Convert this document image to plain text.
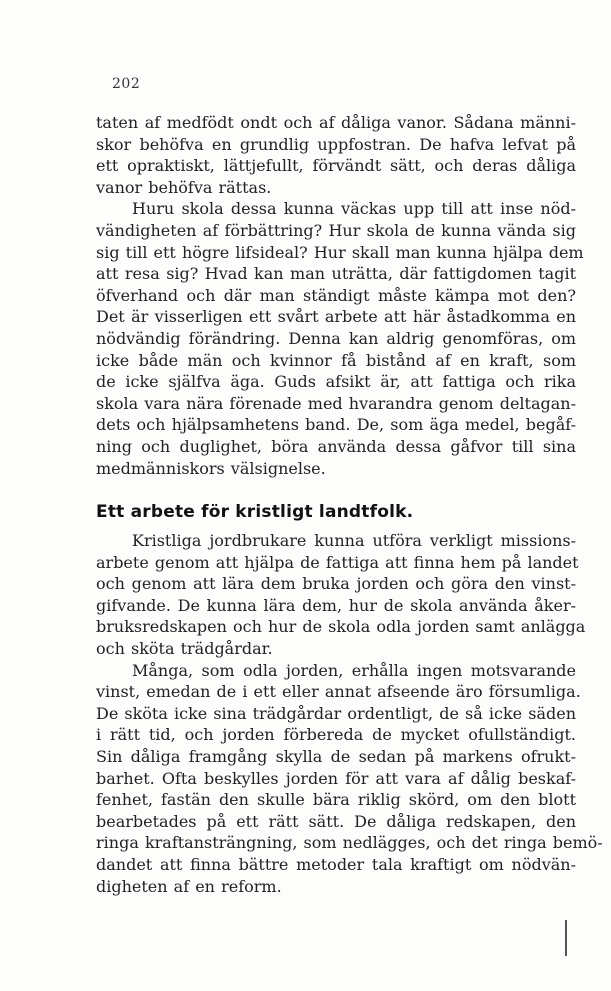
202
taten af medfödt ondt och af dåliga vanor. Sådana männi-
skor behöfva en grundlig uppfostran. De hafva lefvat på
ett opraktiskt, lättjefullt, förvändt sätt, och deras dåliga
vanor behöfva rättas.
Huru skola dessa kunna väckas upp till att inse nöd-
vändigheten af förbättring? Hur skola de kunna vända sig
sig till ett högre lifsideal? Hur skall man kunna hjälpa dem
att resa sig? Hvad kan man uträtta, där fattigdomen tagit
öfverhand och där man ständigt måste kämpa mot den?
Det är visserligen ett svårt arbete att här åstadkomma en
nödvändig förändring. Denna kan aldrig genomföras, om
icke både män och kvinnor få bistånd af en kraft, som
de icke själfva äga. Guds afsikt är, att fattiga och rika
skola vara nära förenade med hvarandra genom deltagan-
dets och hjälpsamhetens band. De, som äga medel, begåf-
ning och duglighet, böra använda dessa gåfvor till sina
medmänniskors välsignelse.
Ett arbete för kristligt landtfolk.
Kristliga jordbrukare kunna utföra verkligt missions-
arbete genom att hjälpa de fattiga att finna hem på landet
och genom att lära dem bruka jorden och göra den vinst-
gifvande. De kunna lära dem, hur de skola använda åker-
bruksredskapen och hur de skola odla jorden samt anlägga
och sköta trädgårdar.
Många, som odla jorden, erhålla ingen motsvarande
vinst, emedan de i ett eller annat afseende äro försumliga.
De sköta icke sina trädgårdar ordentligt, de så icke säden
i rätt tid, och jorden förbereda de mycket ofullständigt.
Sin dåliga framgång skylla de sedan på markens ofrukt-
barhet. Ofta beskylles jorden för att vara af dålig beskaf-
fenhet, fastän den skulle bära riklig skörd, om den blott
bearbetades på ett rätt sätt. De dåliga redskapen, den
ringa kraftansträngning, som nedlägges, och det ringa bemö-
dandet att finna bättre metoder tala kraftigt om nödvän-
digheten af en reform.
